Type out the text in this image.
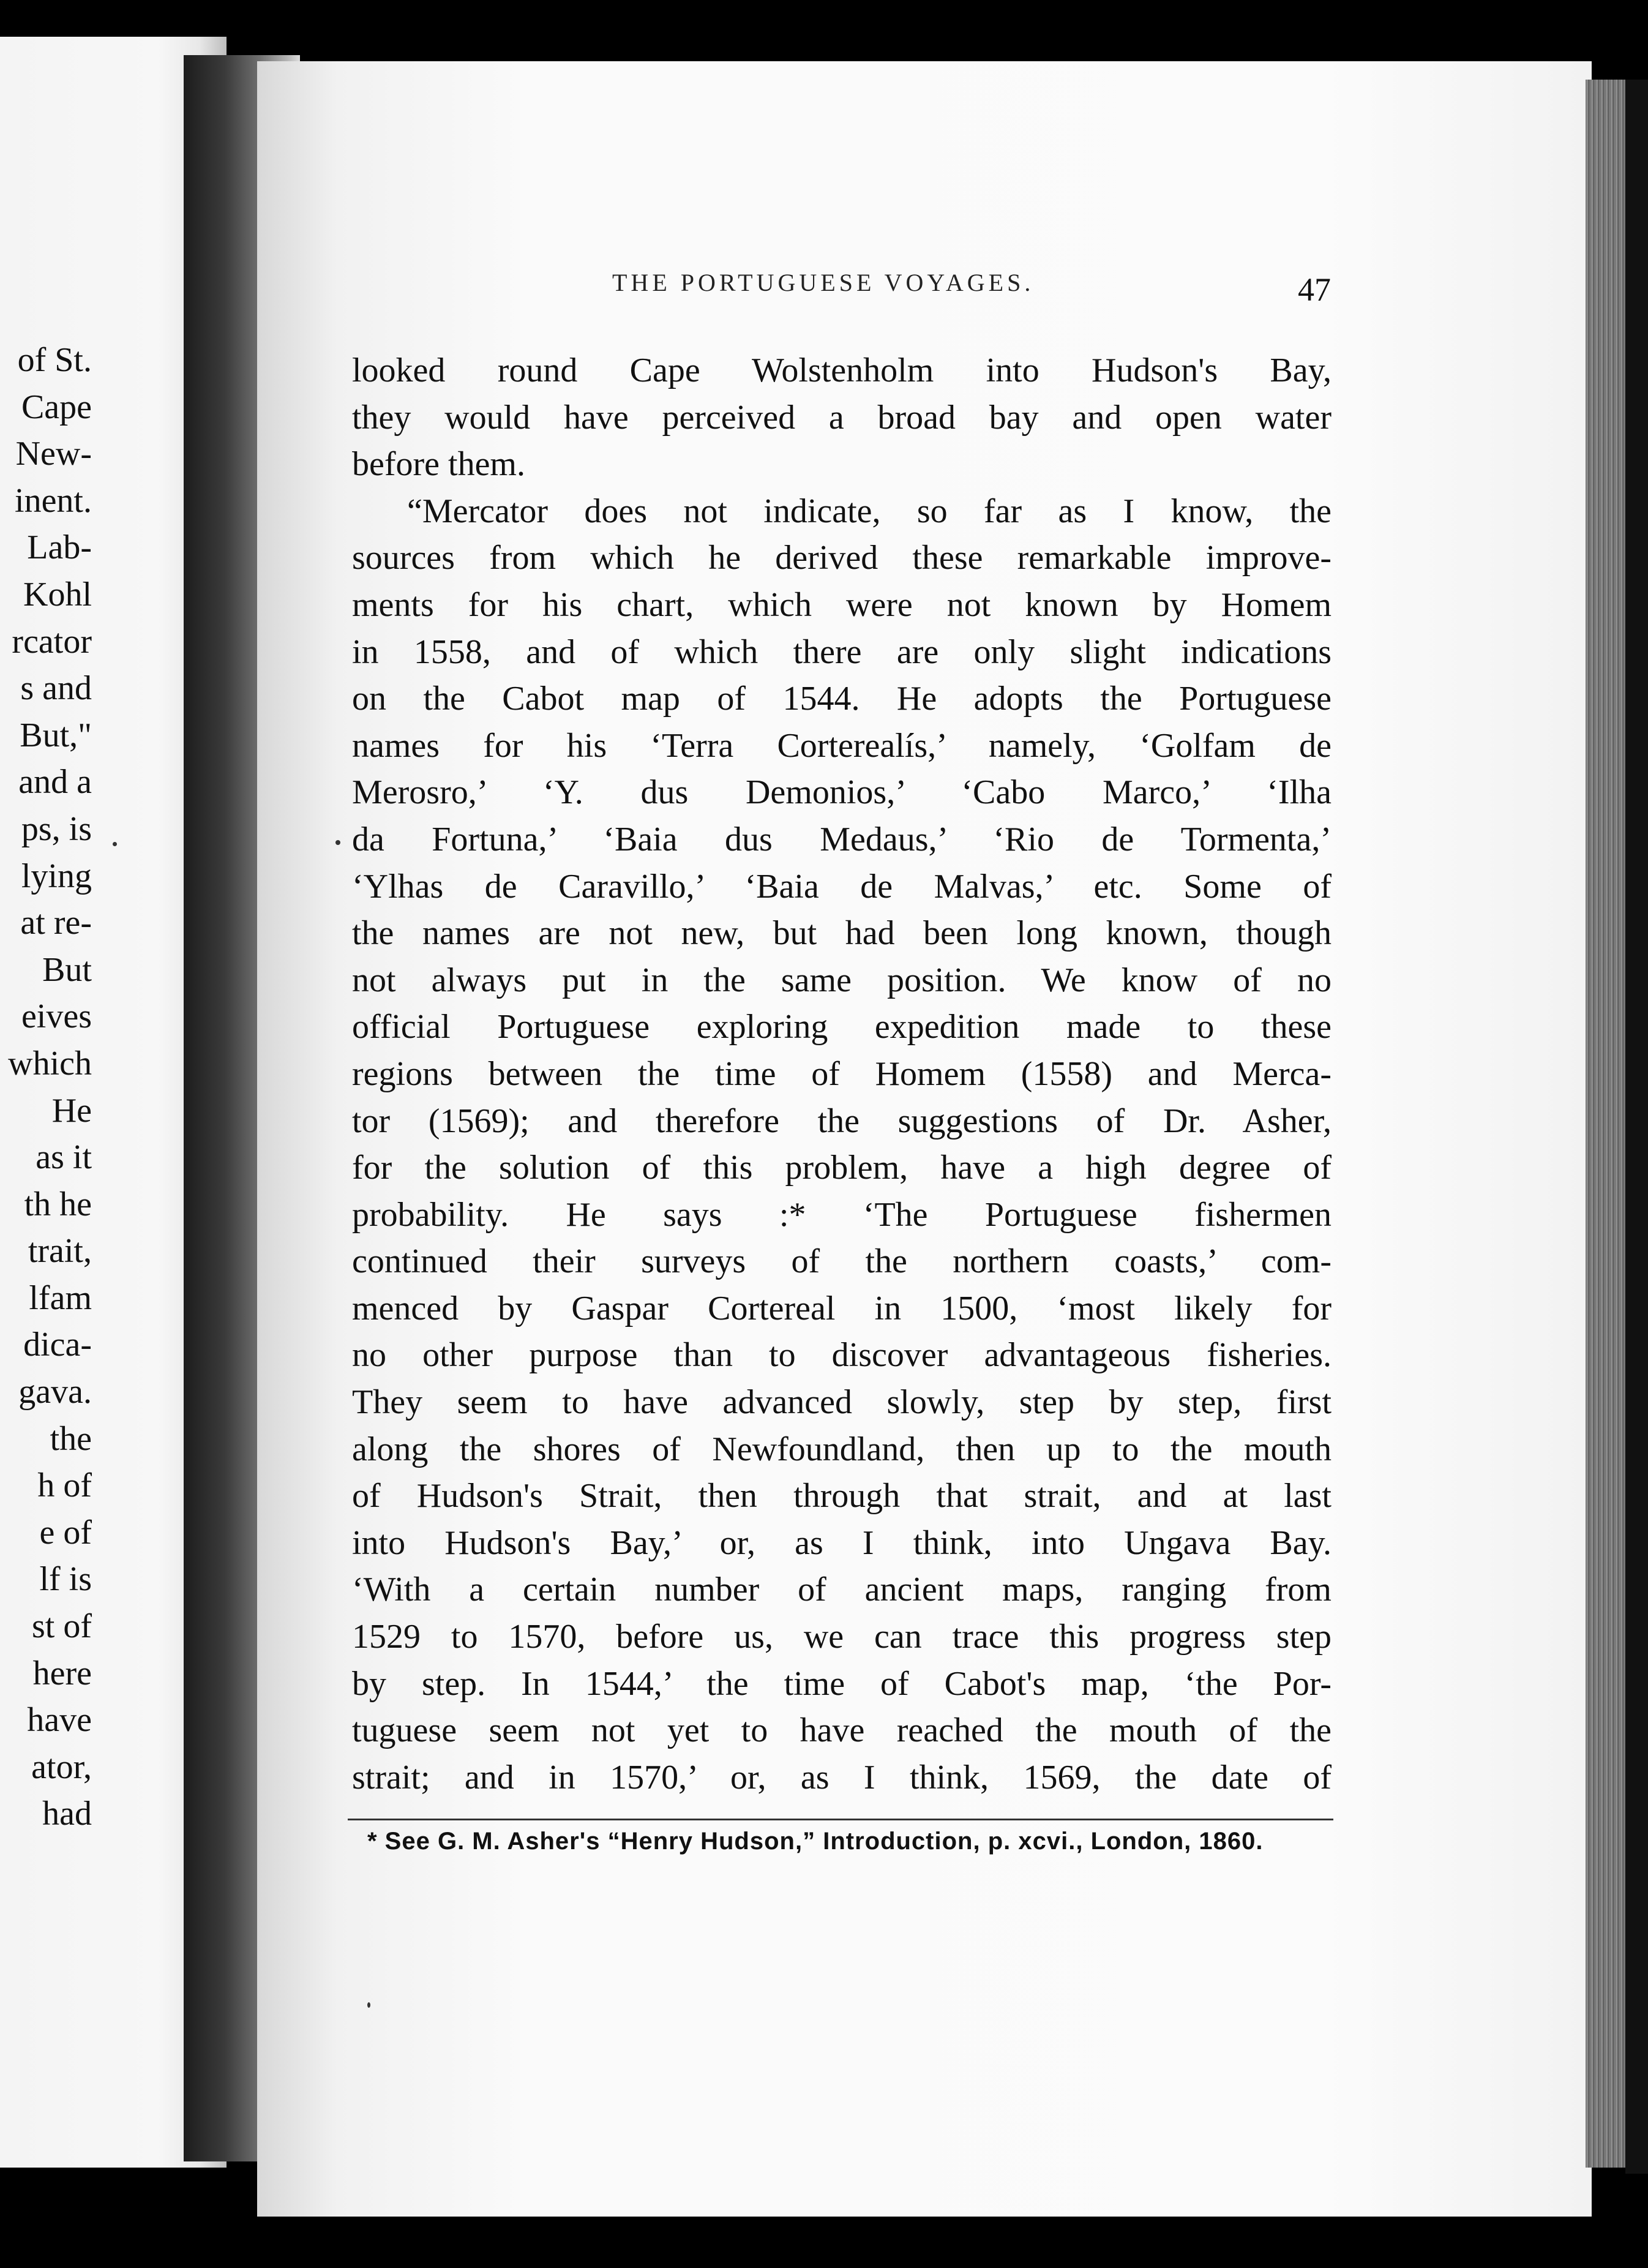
of St.
Cape
New-
inent.
Lab-
Kohl
rcator
s and
But,"
and a
ps, is
lying
at re-
But
eives
which
He
as it
th he
trait,
lfam
dica-
gava.
the
h of
e of
lf is
st of
here
have
ator,
had
THE PORTUGUESE VOYAGES.	47
looked round Cape Wolstenholm into Hudson's Bay,
they would have perceived a broad bay and open water
before them.
“Mercator does not indicate, so far as I know, the
sources from which he derived these remarkable improve-
ments for his chart, which were not known by Homem
in 1558, and of which there are only slight indications
on the Cabot map of 1544. He adopts the Portuguese
names for his ‘Terra Corterealís,’ namely, ‘Golfam de
Merosro,’ ‘Y. dus Demonios,’ ‘Cabo Marco,’ ‘Ilha
da Fortuna,’ ‘Baia dus Medaus,’ ‘Rio de Tormenta,’
‘Ylhas de Caravillo,’ ‘Baia de Malvas,’ etc. Some of
the names are not new, but had been long known, though
not always put in the same position. We know of no
official Portuguese exploring expedition made to these
regions between the time of Homem (1558) and Merca-
tor (1569); and therefore the suggestions of Dr. Asher,
for the solution of this problem, have a high degree of
probability. He says :* ‘The Portuguese fishermen
continued their surveys of the northern coasts,’ com-
menced by Gaspar Cortereal in 1500, ‘most likely for
no other purpose than to discover advantageous fisheries.
They seem to have advanced slowly, step by step, first
along the shores of Newfoundland, then up to the mouth
of Hudson's Strait, then through that strait, and at last
into Hudson's Bay,’ or, as I think, into Ungava Bay.
‘With a certain number of ancient maps, ranging from
1529 to 1570, before us, we can trace this progress step
by step. In 1544,’ the time of Cabot's map, ‘the Por-
tuguese seem not yet to have reached the mouth of the
strait; and in 1570,’ or, as I think, 1569, the date of
* See G. M. Asher's “Henry Hudson,” Introduction, p. xcvi., London, 1860.
